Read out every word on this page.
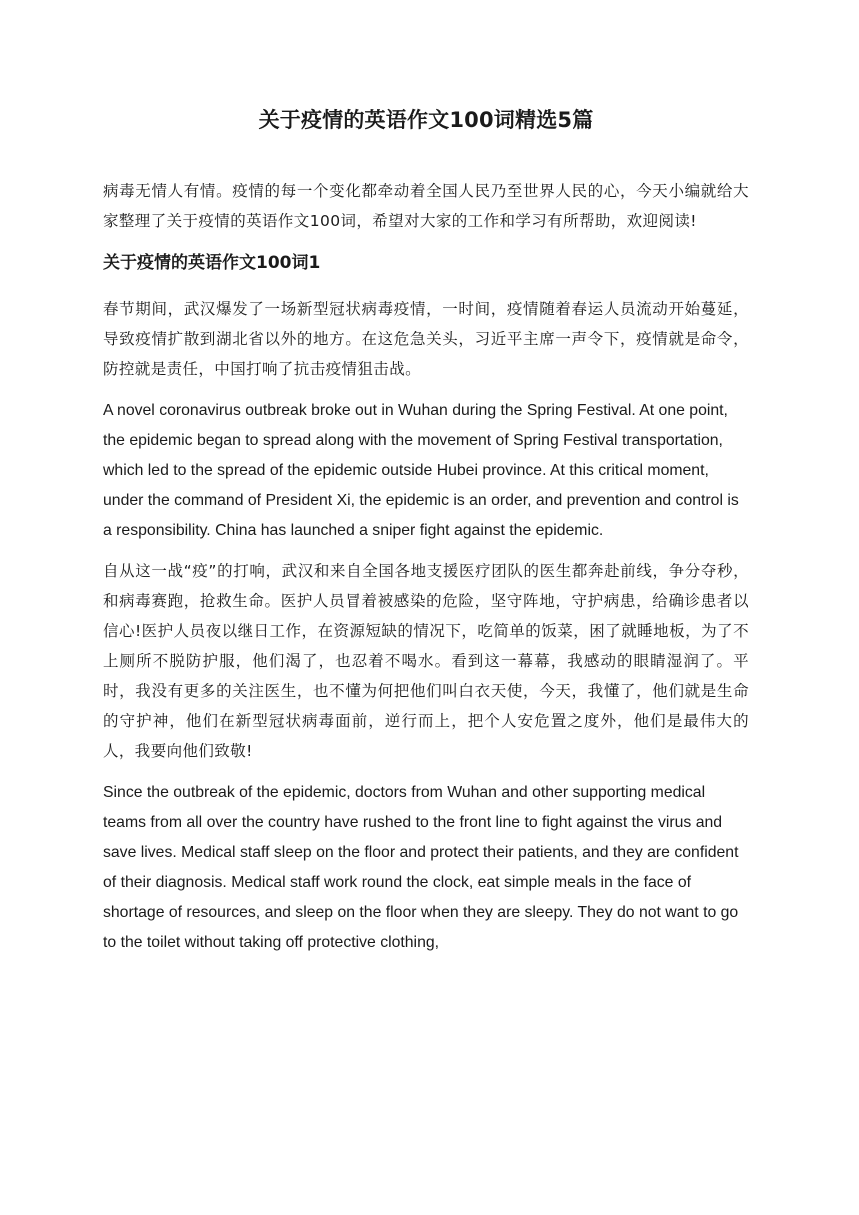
关于疫情的英语作文100词精选5篇
病毒无情人有情。疫情的每一个变化都牵动着全国人民乃至世界人民的心，今天小编就给大家整理了关于疫情的英语作文100词，希望对大家的工作和学习有所帮助，欢迎阅读!
关于疫情的英语作文100词1
春节期间，武汉爆发了一场新型冠状病毒疫情，一时间，疫情随着春运人员流动开始蔓延，导致疫情扩散到湖北省以外的地方。在这危急关头，习近平主席一声令下，疫情就是命令，防控就是责任，中国打响了抗击疫情狙击战。
A novel coronavirus outbreak broke out in Wuhan during the Spring Festival. At one point, the epidemic began to spread along with the movement of Spring Festival transportation, which led to the spread of the epidemic outside Hubei province. At this critical moment, under the command of President Xi, the epidemic is an order, and prevention and control is a responsibility. China has launched a sniper fight against the epidemic.
自从这一战“疫”的打响，武汉和来自全国各地支援医疗团队的医生都奔赴前线，争分夺秒，和病毒赛跑，抢救生命。医护人员冒着被感染的危险，坚守阵地，守护病患，给确诊患者以信心!医护人员夜以继日工作，在资源短缺的情况下，吃简单的饭菜，困了就睡地板，为了不上厕所不脱防护服，他们渴了，也忍着不喝水。看到这一幕幕，我感动的眼睛湿润了。平时，我没有更多的关注医生，也不懂为何把他们叫白衣天使，今天，我懂了，他们就是生命的守护神，他们在新型冠状病毒面前，逆行而上，把个人安危置之度外，他们是最伟大的人，我要向他们致敬!
Since the outbreak of the epidemic, doctors from Wuhan and other supporting medical teams from all over the country have rushed to the front line to fight against the virus and save lives. Medical staff sleep on the floor and protect their patients, and they are confident of their diagnosis. Medical staff work round the clock, eat simple meals in the face of shortage of resources, and sleep on the floor when they are sleepy. They do not want to go to the toilet without taking off protective clothing,
